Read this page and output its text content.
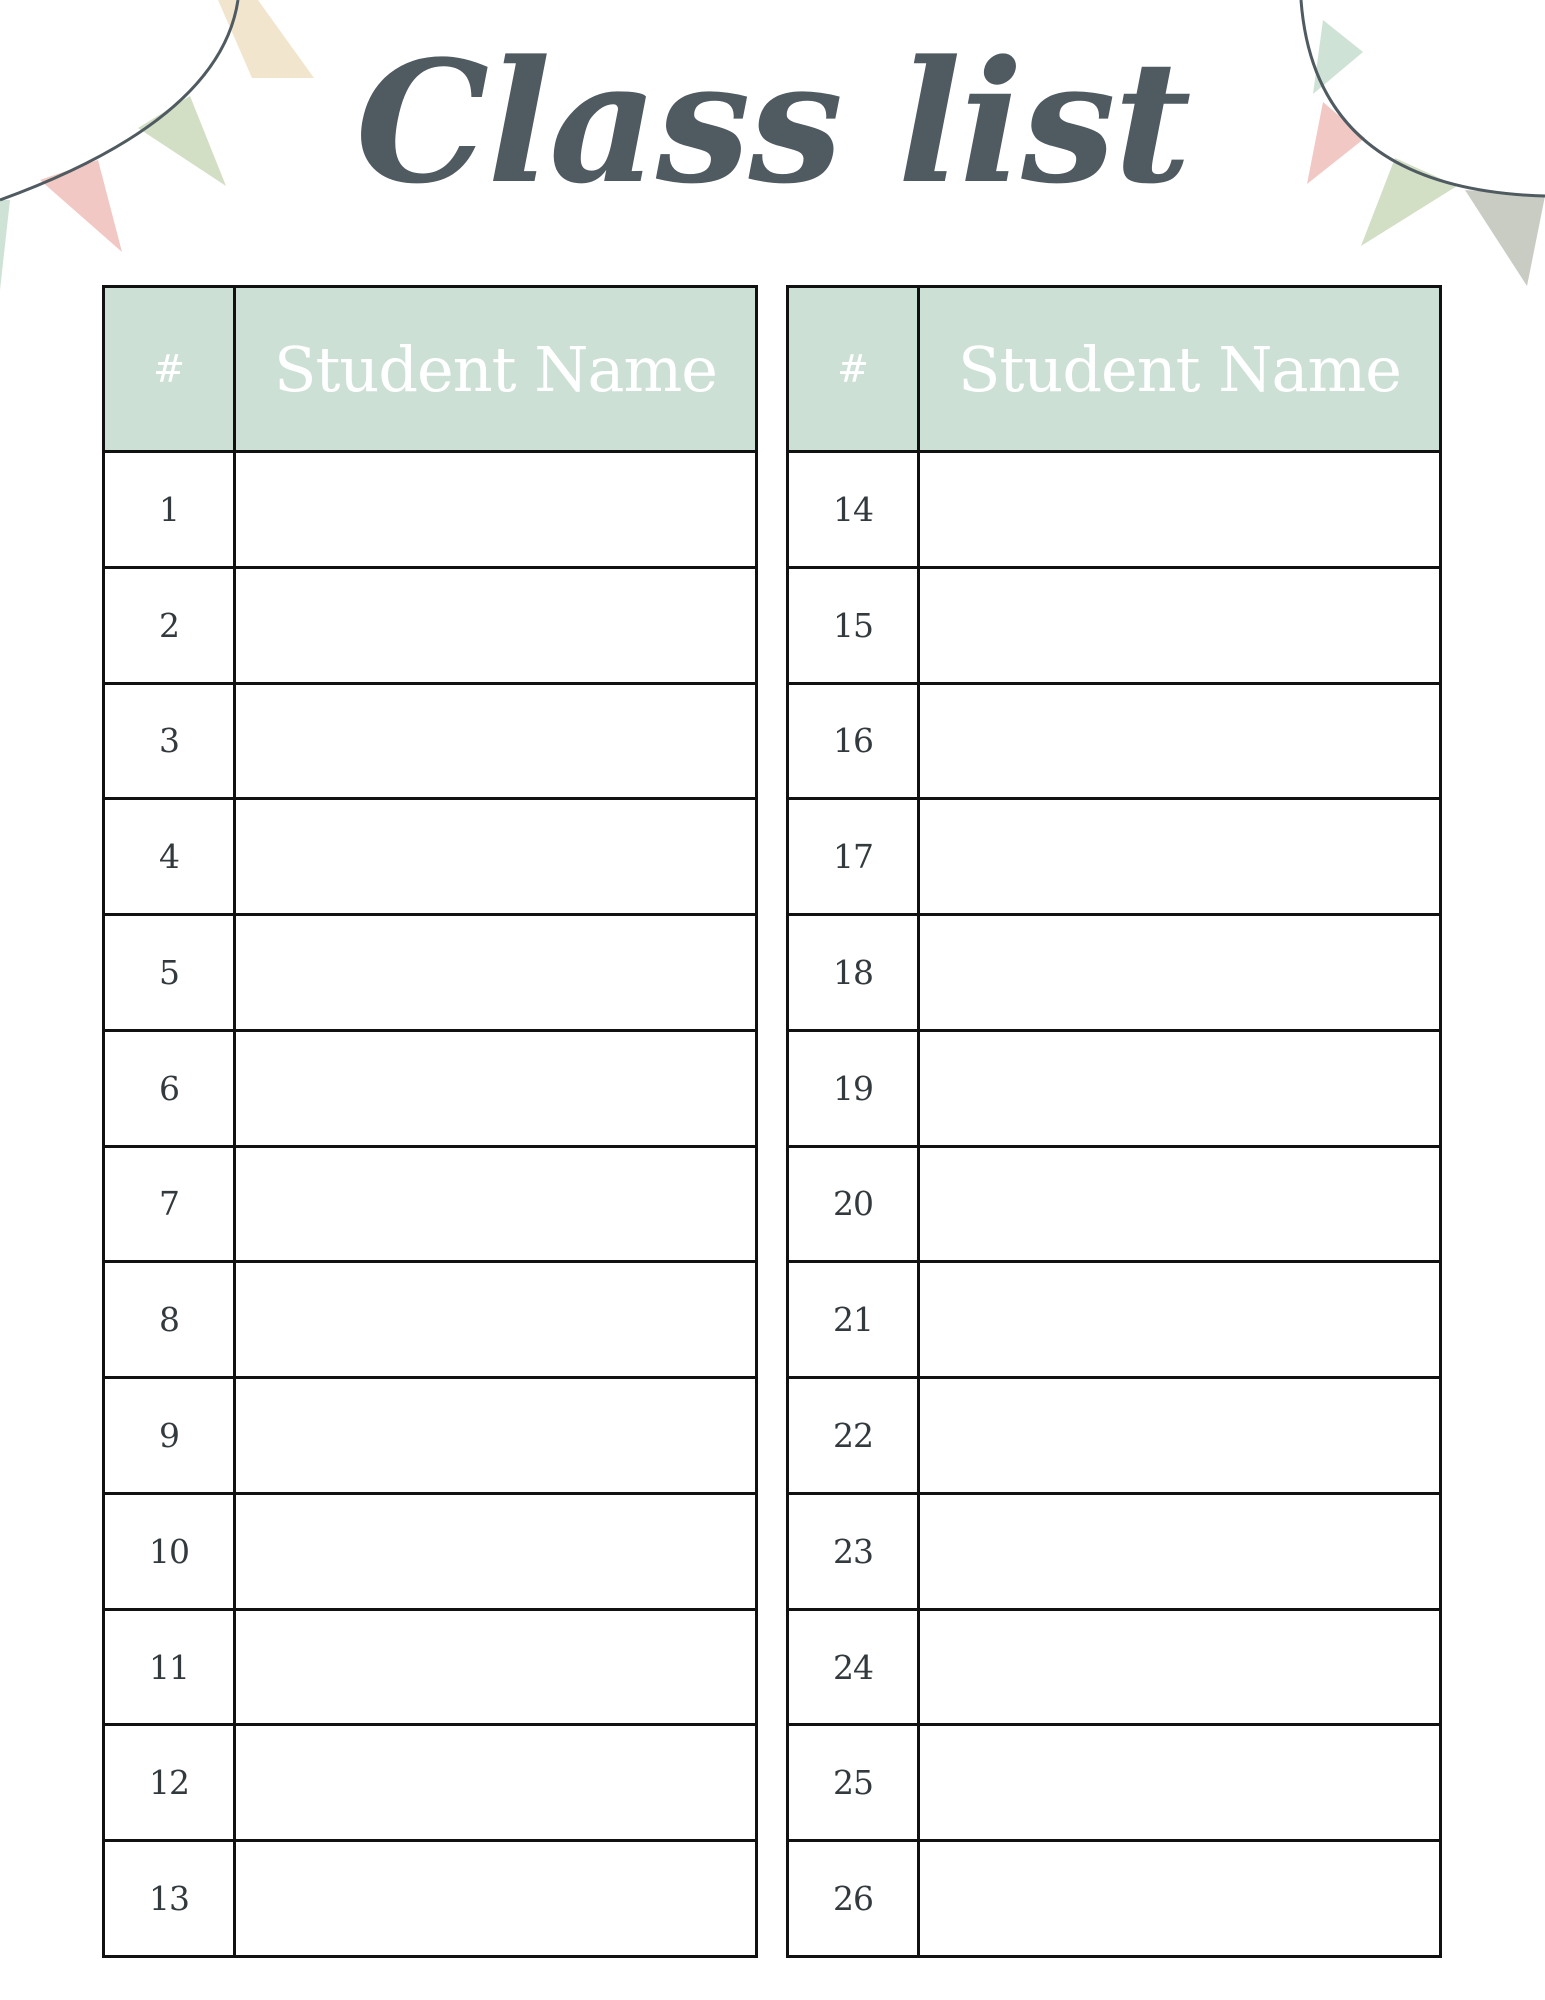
Class list
#	Student Name
1	
2	
3	
4	
5	
6	
7	
8	
9	
10	
11	
12	
13	
#	Student Name
14	
15	
16	
17	
18	
19	
20	
21	
22	
23	
24	
25	
26	
